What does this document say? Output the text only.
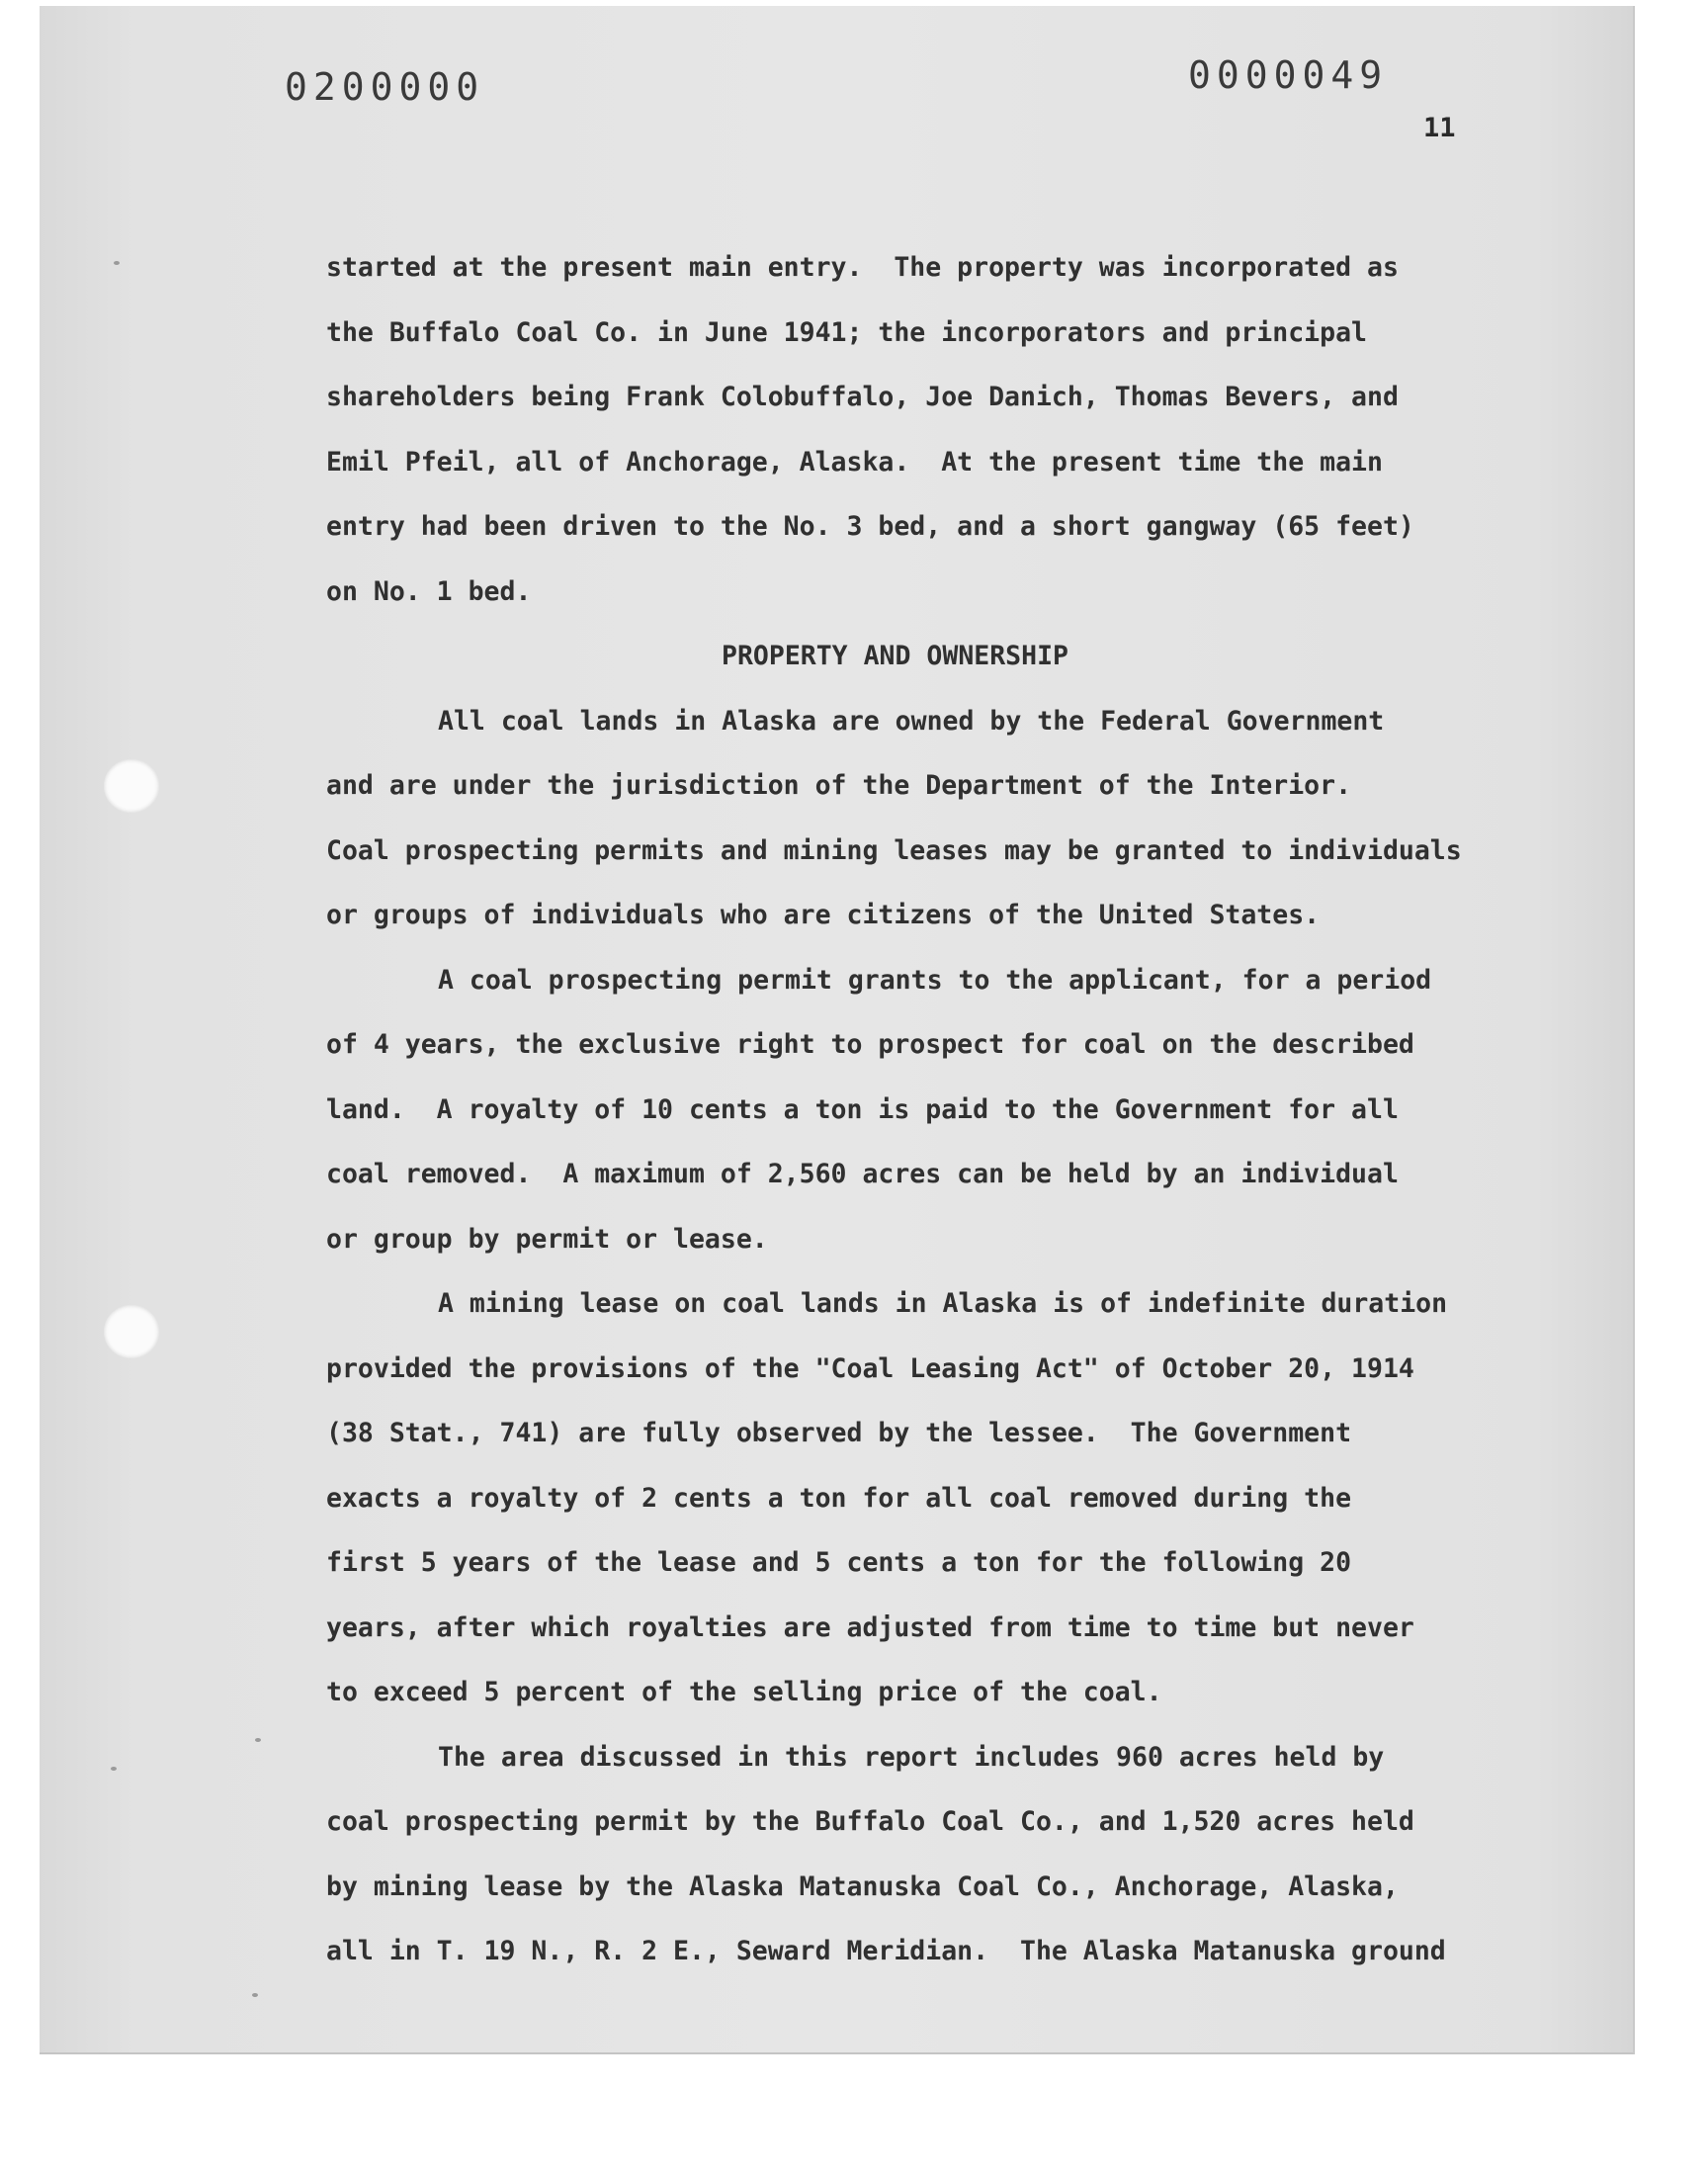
0200000	0000049
11
started at the present main entry.  The property was incorporated as
the Buffalo Coal Co. in June 1941; the incorporators and principal
shareholders being Frank Colobuffalo, Joe Danich, Thomas Bevers, and
Emil Pfeil, all of Anchorage, Alaska.  At the present time the main
entry had been driven to the No. 3 bed, and a short gangway (65 feet)
on No. 1 bed.
PROPERTY AND OWNERSHIP
All coal lands in Alaska are owned by the Federal Government
and are under the jurisdiction of the Department of the Interior.
Coal prospecting permits and mining leases may be granted to individuals
or groups of individuals who are citizens of the United States.
A coal prospecting permit grants to the applicant, for a period
of 4 years, the exclusive right to prospect for coal on the described
land.  A royalty of 10 cents a ton is paid to the Government for all
coal removed.  A maximum of 2,560 acres can be held by an individual
or group by permit or lease.
A mining lease on coal lands in Alaska is of indefinite duration
provided the provisions of the "Coal Leasing Act" of October 20, 1914
(38 Stat., 741) are fully observed by the lessee.  The Government
exacts a royalty of 2 cents a ton for all coal removed during the
first 5 years of the lease and 5 cents a ton for the following 20
years, after which royalties are adjusted from time to time but never
to exceed 5 percent of the selling price of the coal.
The area discussed in this report includes 960 acres held by
coal prospecting permit by the Buffalo Coal Co., and 1,520 acres held
by mining lease by the Alaska Matanuska Coal Co., Anchorage, Alaska,
all in T. 19 N., R. 2 E., Seward Meridian.  The Alaska Matanuska ground
